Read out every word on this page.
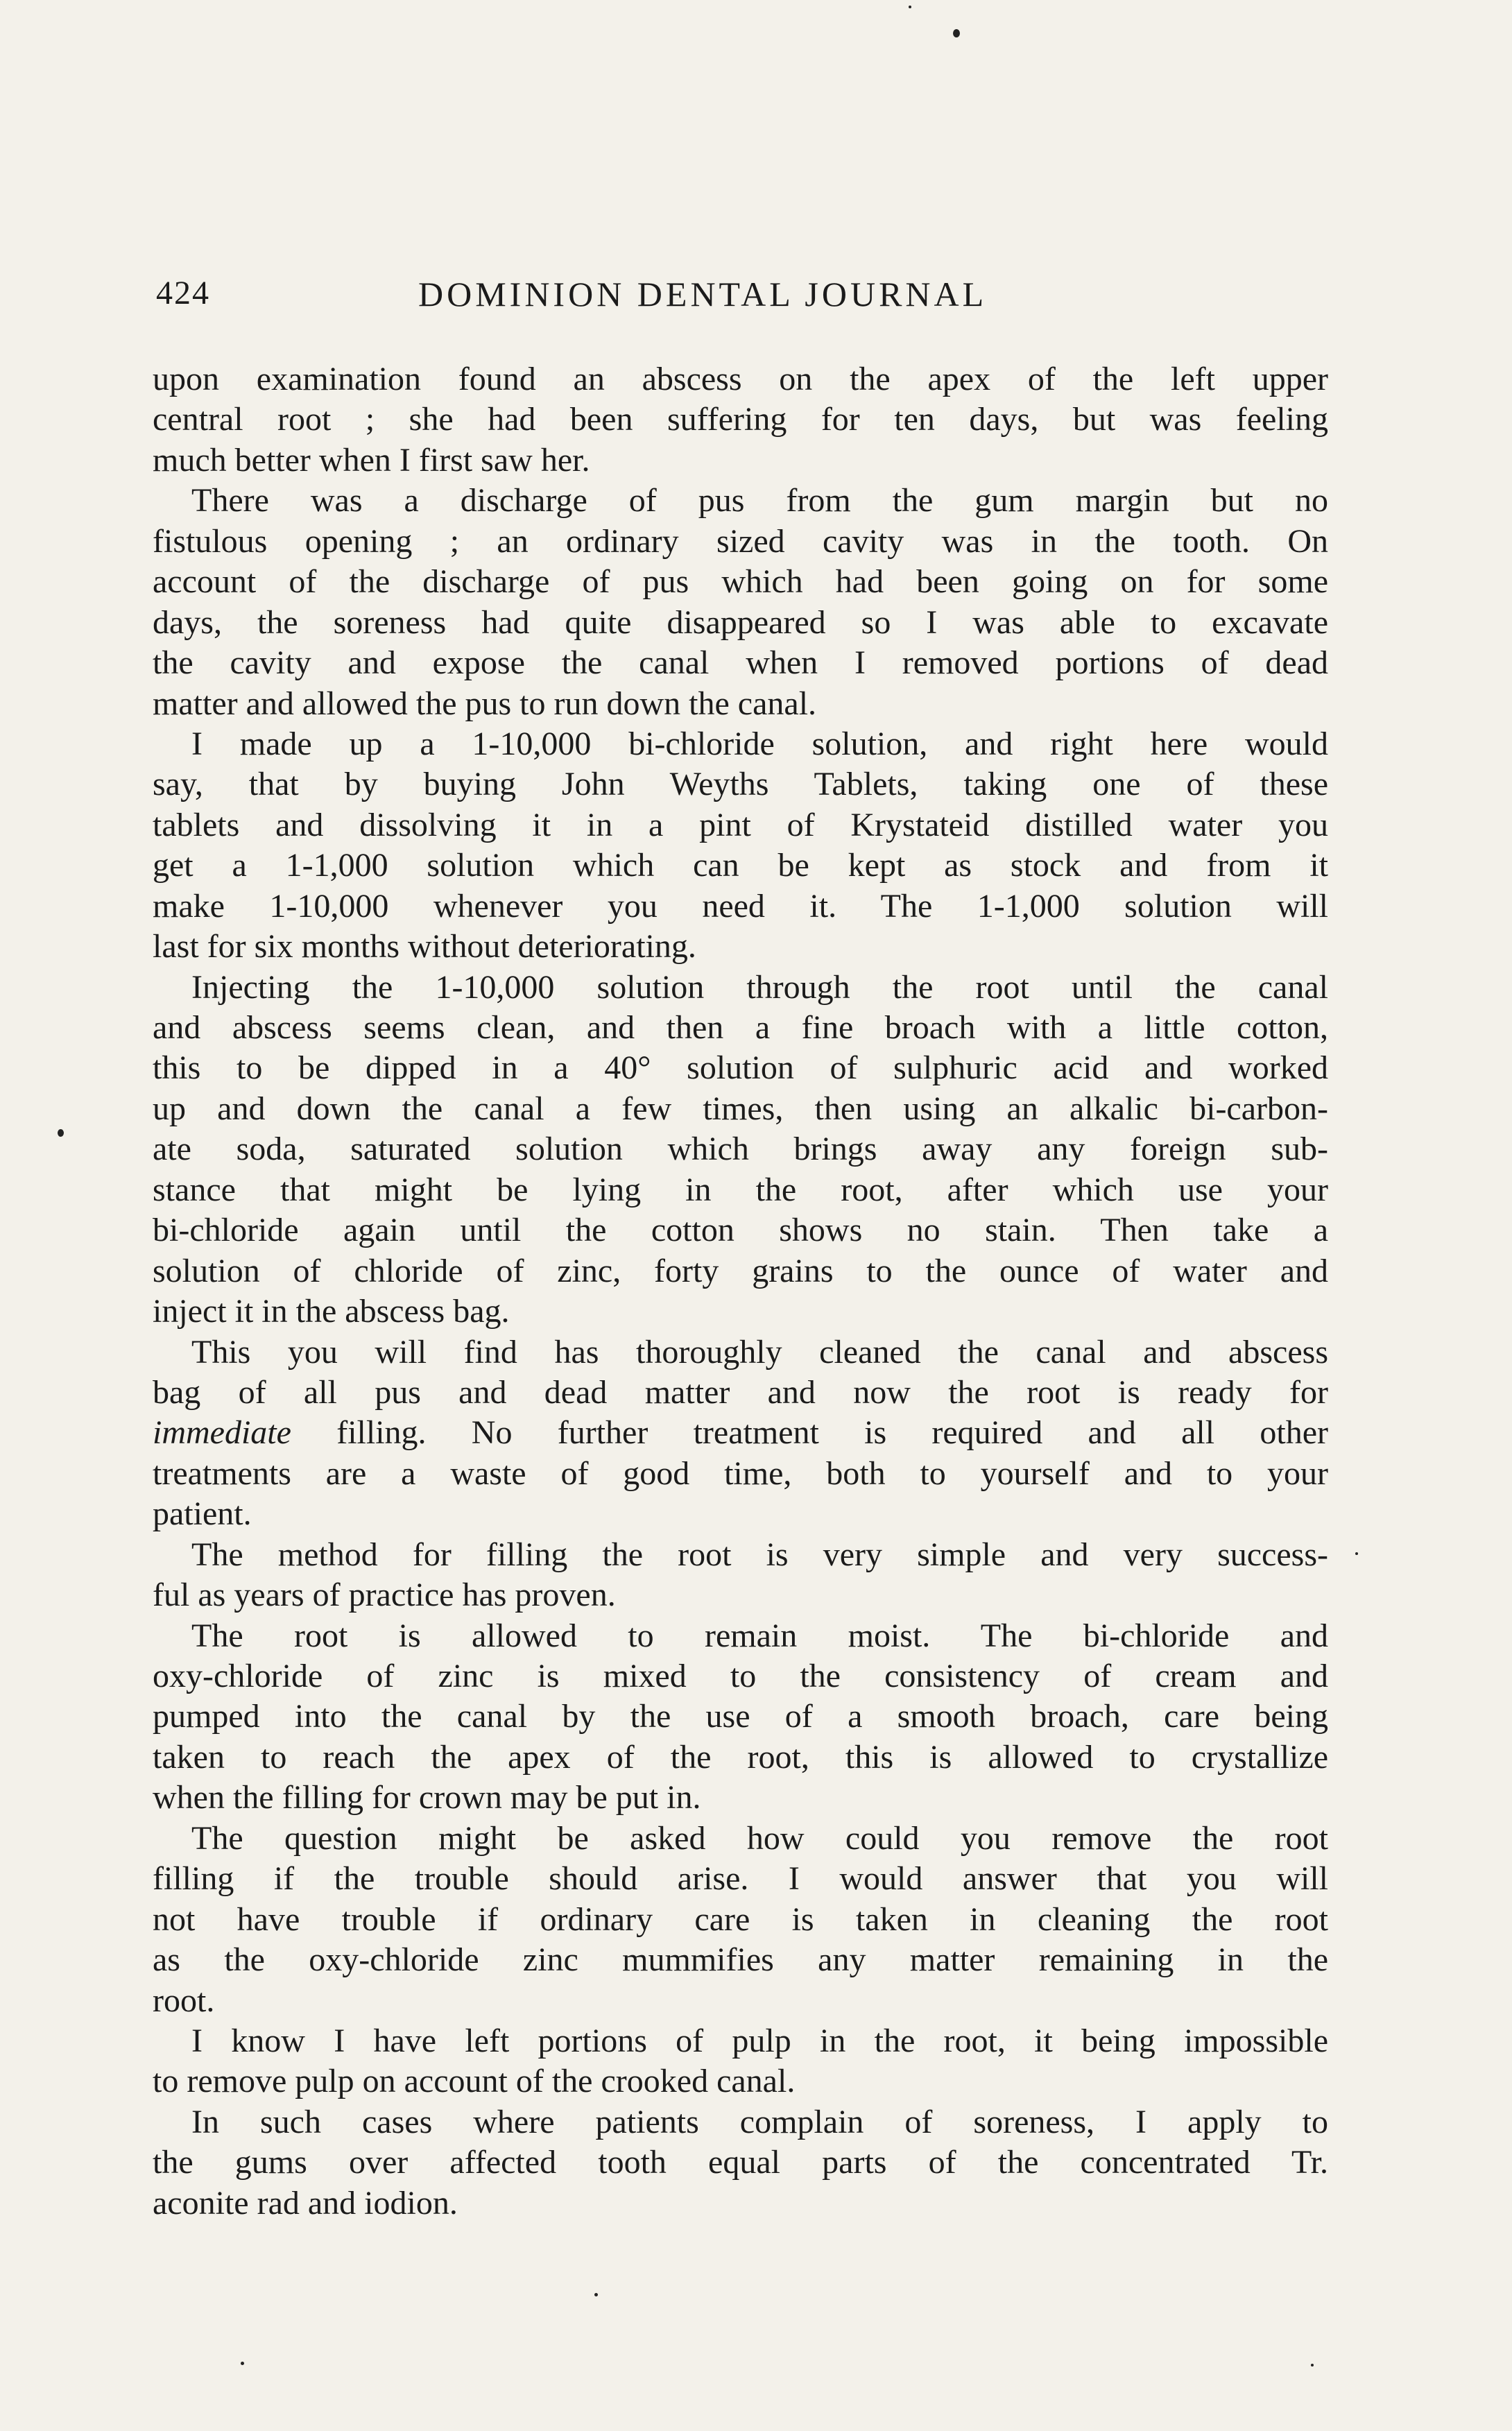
424	DOMINION DENTAL JOURNAL
upon examination found an abscess on the apex of the left upper
central root ; she had been suffering for ten days, but was feeling
much better when I first saw her.
There was a discharge of pus from the gum margin but no
fistulous opening ; an ordinary sized cavity was in the tooth. On
account of the discharge of pus which had been going on for some
days, the soreness had quite disappeared so I was able to excavate
the cavity and expose the canal when I removed portions of dead
matter and allowed the pus to run down the canal.
I made up a 1-10,000 bi-chloride solution, and right here would
say, that by buying John Weyths Tablets, taking one of these
tablets and dissolving it in a pint of Krystateid distilled water you
get a 1-1,000 solution which can be kept as stock and from it
make 1-10,000 whenever you need it. The 1-1,000 solution will
last for six months without deteriorating.
Injecting the 1-10,000 solution through the root until the canal
and abscess seems clean, and then a fine broach with a little cotton,
this to be dipped in a 40° solution of sulphuric acid and worked
up and down the canal a few times, then using an alkalic bi-carbon-
ate soda, saturated solution which brings away any foreign sub-
stance that might be lying in the root, after which use your
bi-chloride again until the cotton shows no stain. Then take a
solution of chloride of zinc, forty grains to the ounce of water and
inject it in the abscess bag.
This you will find has thoroughly cleaned the canal and abscess
bag of all pus and dead matter and now the root is ready for
immediate filling. No further treatment is required and all other
treatments are a waste of good time, both to yourself and to your
patient.
The method for filling the root is very simple and very success-
ful as years of practice has proven.
The root is allowed to remain moist. The bi-chloride and
oxy-chloride of zinc is mixed to the consistency of cream and
pumped into the canal by the use of a smooth broach, care being
taken to reach the apex of the root, this is allowed to crystallize
when the filling for crown may be put in.
The question might be asked how could you remove the root
filling if the trouble should arise. I would answer that you will
not have trouble if ordinary care is taken in cleaning the root
as the oxy-chloride zinc mummifies any matter remaining in the
root.
I know I have left portions of pulp in the root, it being impossible
to remove pulp on account of the crooked canal.
In such cases where patients complain of soreness, I apply to
the gums over affected tooth equal parts of the concentrated Tr.
aconite rad and iodion.
